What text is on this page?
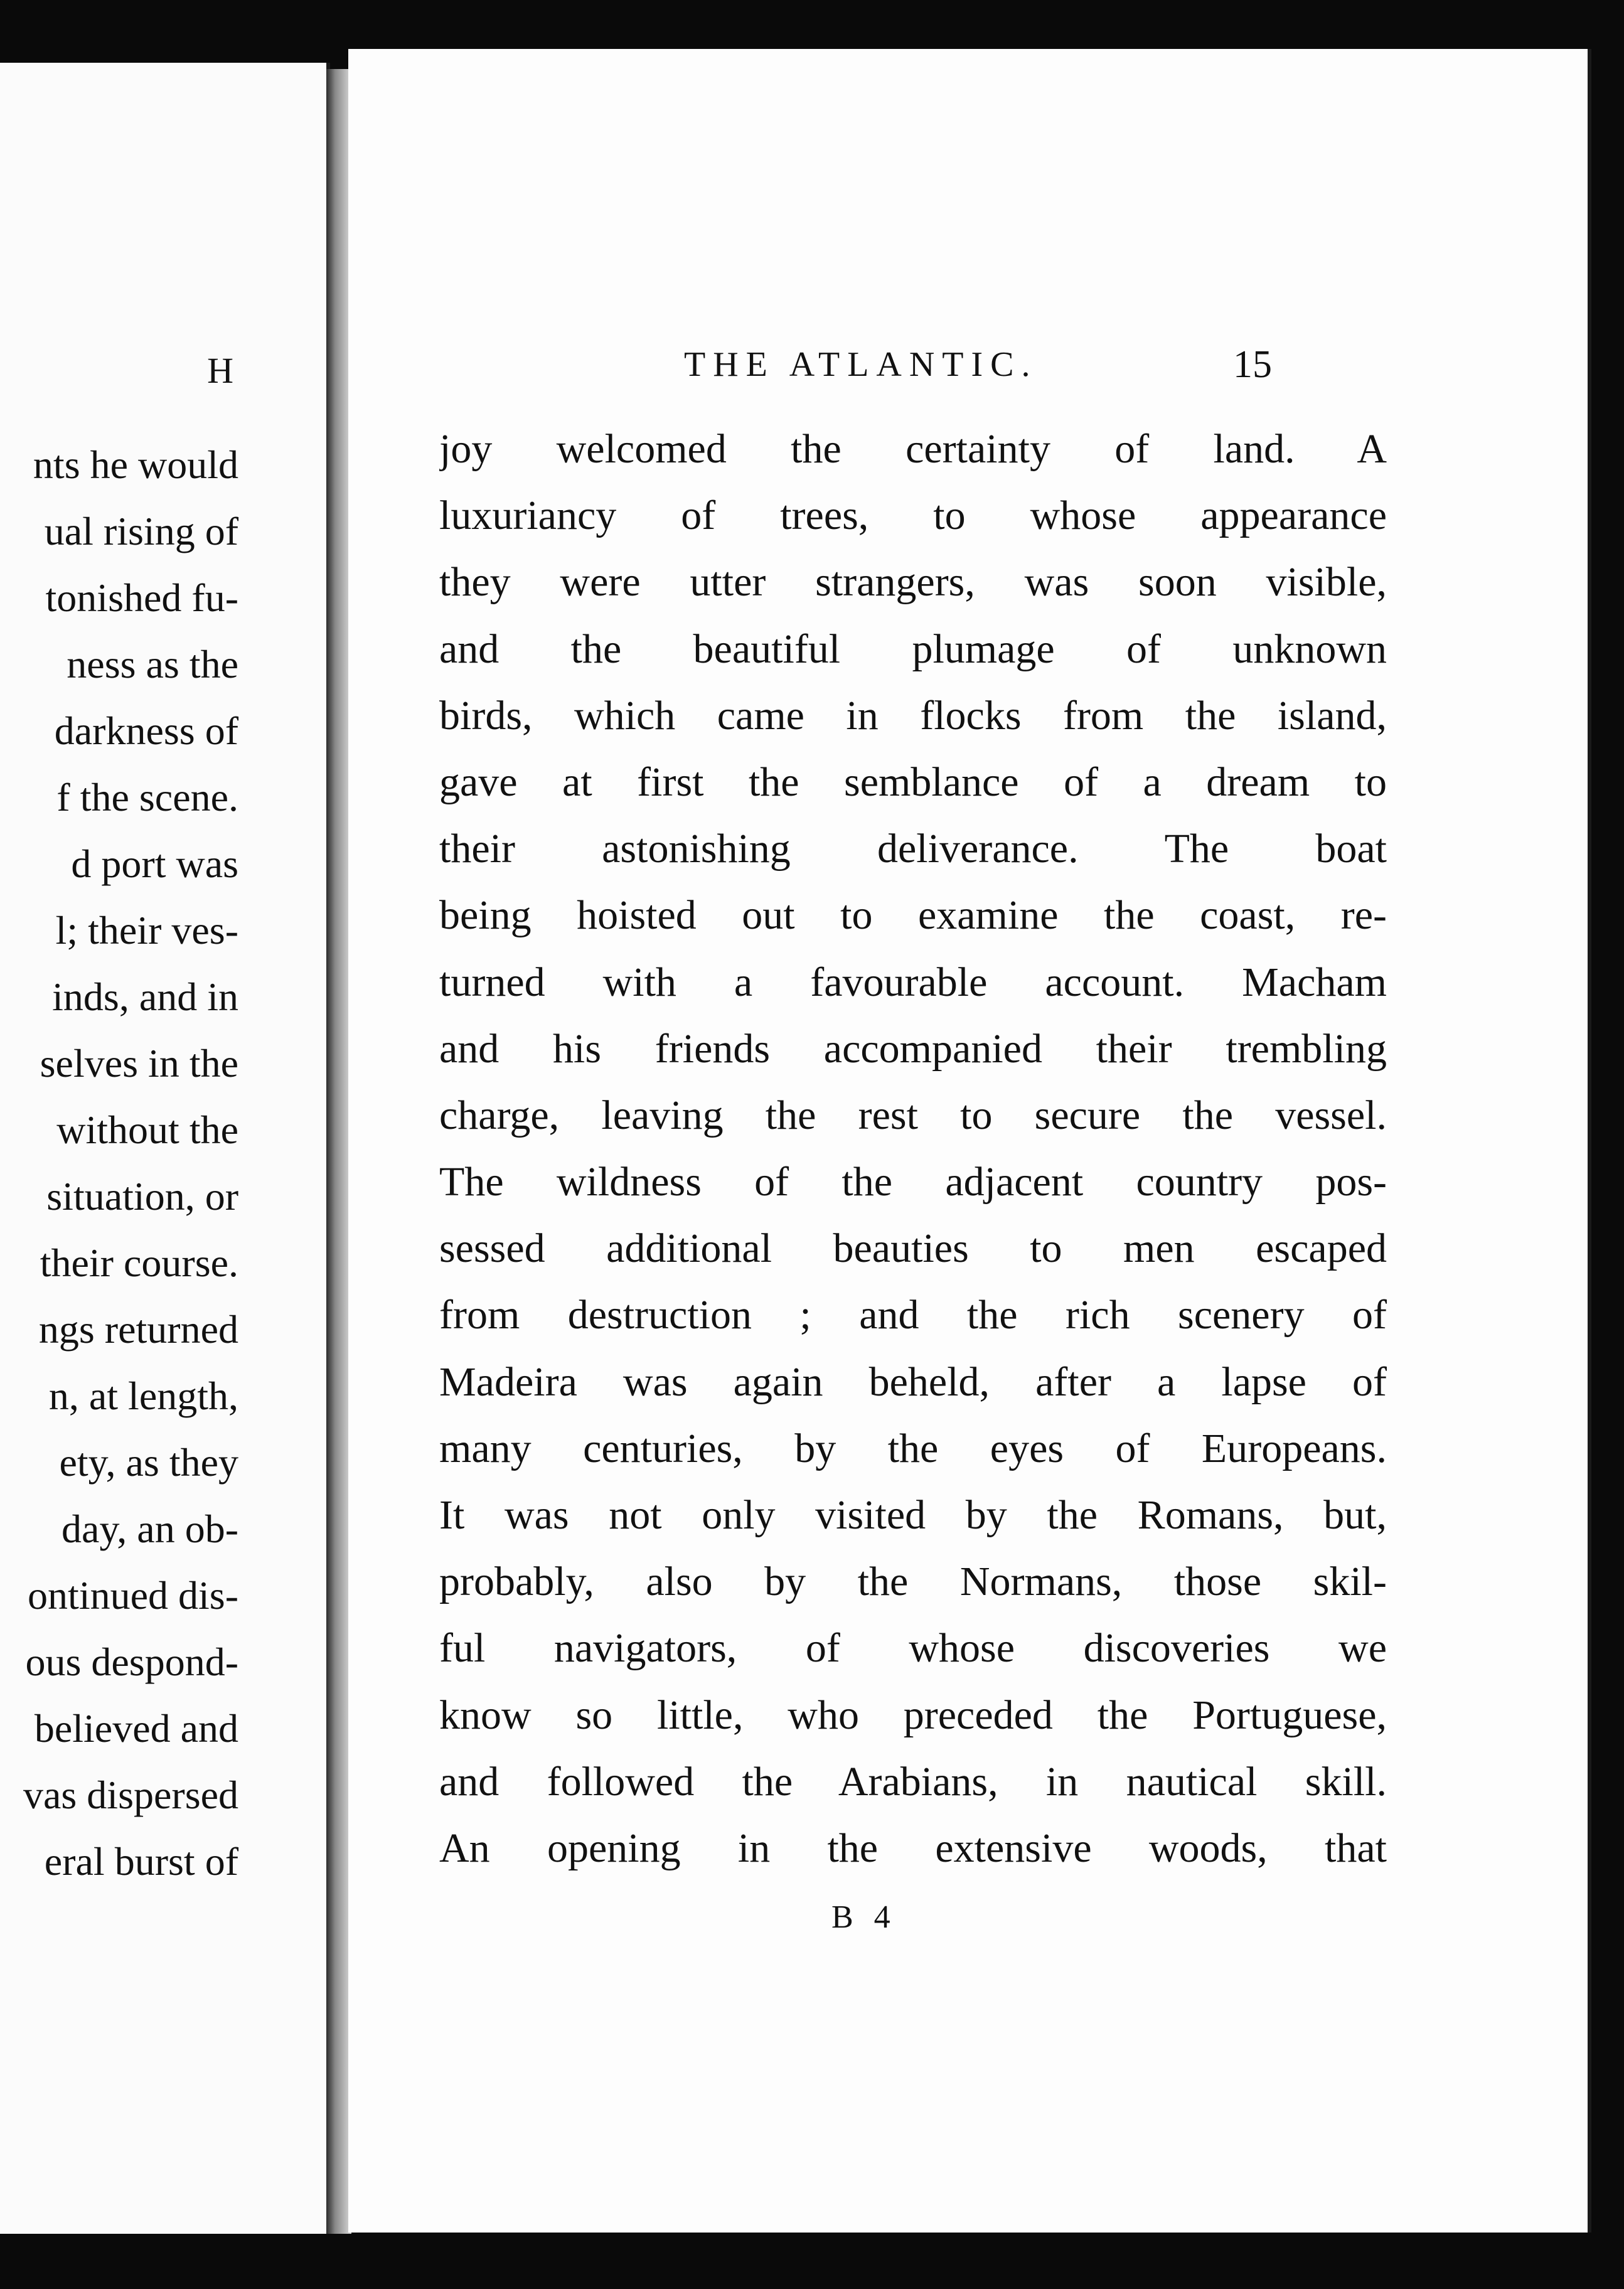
H
nts he would
ual rising of
tonished fu-
ness as the
darkness of
f the scene.
d port was
l; their ves-
inds, and in
selves in the
without the
situation, or
their course.
ngs returned
n, at length,
ety, as they
day, an ob-
ontinued dis-
ous despond-
believed and
vas dispersed
eral burst of
THE ATLANTIC.	15
joy welcomed the certainty of land. A
luxuriancy of trees, to whose appearance
they were utter strangers, was soon visible,
and the beautiful plumage of unknown
birds, which came in flocks from the island,
gave at first the semblance of a dream to
their astonishing deliverance. The boat
being hoisted out to examine the coast, re-
turned with a favourable account. Macham
and his friends accompanied their trembling
charge, leaving the rest to secure the vessel.
The wildness of the adjacent country pos-
sessed additional beauties to men escaped
from destruction ; and the rich scenery of
Madeira was again beheld, after a lapse of
many centuries, by the eyes of Europeans.
It was not only visited by the Romans, but,
probably, also by the Normans, those skil-
ful navigators, of whose discoveries we
know so little, who preceded the Portuguese,
and followed the Arabians, in nautical skill.
An opening in the extensive woods, that
B 4
